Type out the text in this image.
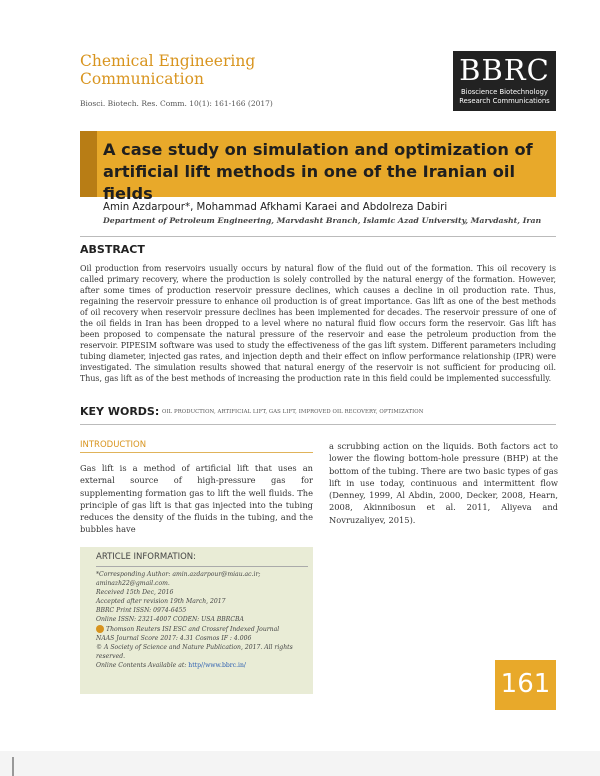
Chemical Engineering
Communication
Biosci. Biotech. Res. Comm. 10(1): 161-166 (2017)
BBRC
Bioscience Biotechnology
Research Communications
A case study on simulation and optimization of
artificial lift methods in one of the Iranian oil fields
Amin Azdarpour*, Mohammad Afkhami Karaei and Abdolreza Dabiri
Department of Petroleum Engineering, Marvdasht Branch, Islamic Azad University, Marvdasht, Iran
ABSTRACT
Oil production from reservoirs usually occurs by natural flow of the fluid out of the formation. This oil recovery is called primary recovery, where the production is solely controlled by the natural energy of the formation. However, after some times of production reservoir pressure declines, which causes a decline in oil production rate. Thus, regaining the reservoir pressure to enhance oil production is of great importance. Gas lift as one of the best methods of oil recovery when reservoir pressure declines has been implemented for decades. The reservoir pressure of one of the oil fields in Iran has been dropped to a level where no natural fluid flow occurs form the reservoir. Gas lift has been proposed to compensate the natural pressure of the reservoir and ease the petroleum production from the reservoir. PIPESIM software was used to study the effectiveness of the gas lift system. Different parameters including tubing diameter, injected gas rates, and injection depth and their effect on inflow performance relationship (IPR) were investigated. The simulation results showed that natural energy of the reservoir is not sufficient for producing oil. Thus, gas lift as of the best methods of increasing the production rate in this field could be implemented successfully.
KEY WORDS: OIL PRODUCTION, ARTIFICIAL LIFT, GAS LIFT, IMPROVED OIL RECOVERY, OPTIMIZATION
INTRODUCTION
Gas lift is a method of artificial lift that uses an external source of high-pressure gas for supplementing formation gas to lift the well fluids. The principle of gas lift is that gas injected into the tubing reduces the density of the fluids in the tubing, and the bubbles have
a scrubbing action on the liquids. Both factors act to lower the flowing bottom-hole pressure (BHP) at the bottom of the tubing. There are two basic types of gas lift in use today, continuous and intermittent flow (Denney, 1999, Al Abdin, 2000, Decker, 2008, Hearn, 2008, Akinnibosun et al. 2011, Aliyeva and Novruzaliyev, 2015).
ARTICLE INFORMATION:
*Corresponding Author: amin.azdarpour@miau.ac.ir;
aminazh22@gmail.com.
Received 15th Dec, 2016
Accepted after revision 19th March, 2017
BBRC Print ISSN: 0974-6455
Online ISSN: 2321-4007 CODEN: USA BBRCBA
Thomson Reuters ISI ESC and Crossref Indexed Journal
NAAS Journal Score 2017: 4.31 Cosmos IF : 4.006
© A Society of Science and Nature Publication, 2017. All rights
reserved.
Online Contents Available at: http//www.bbrc.in/
161
